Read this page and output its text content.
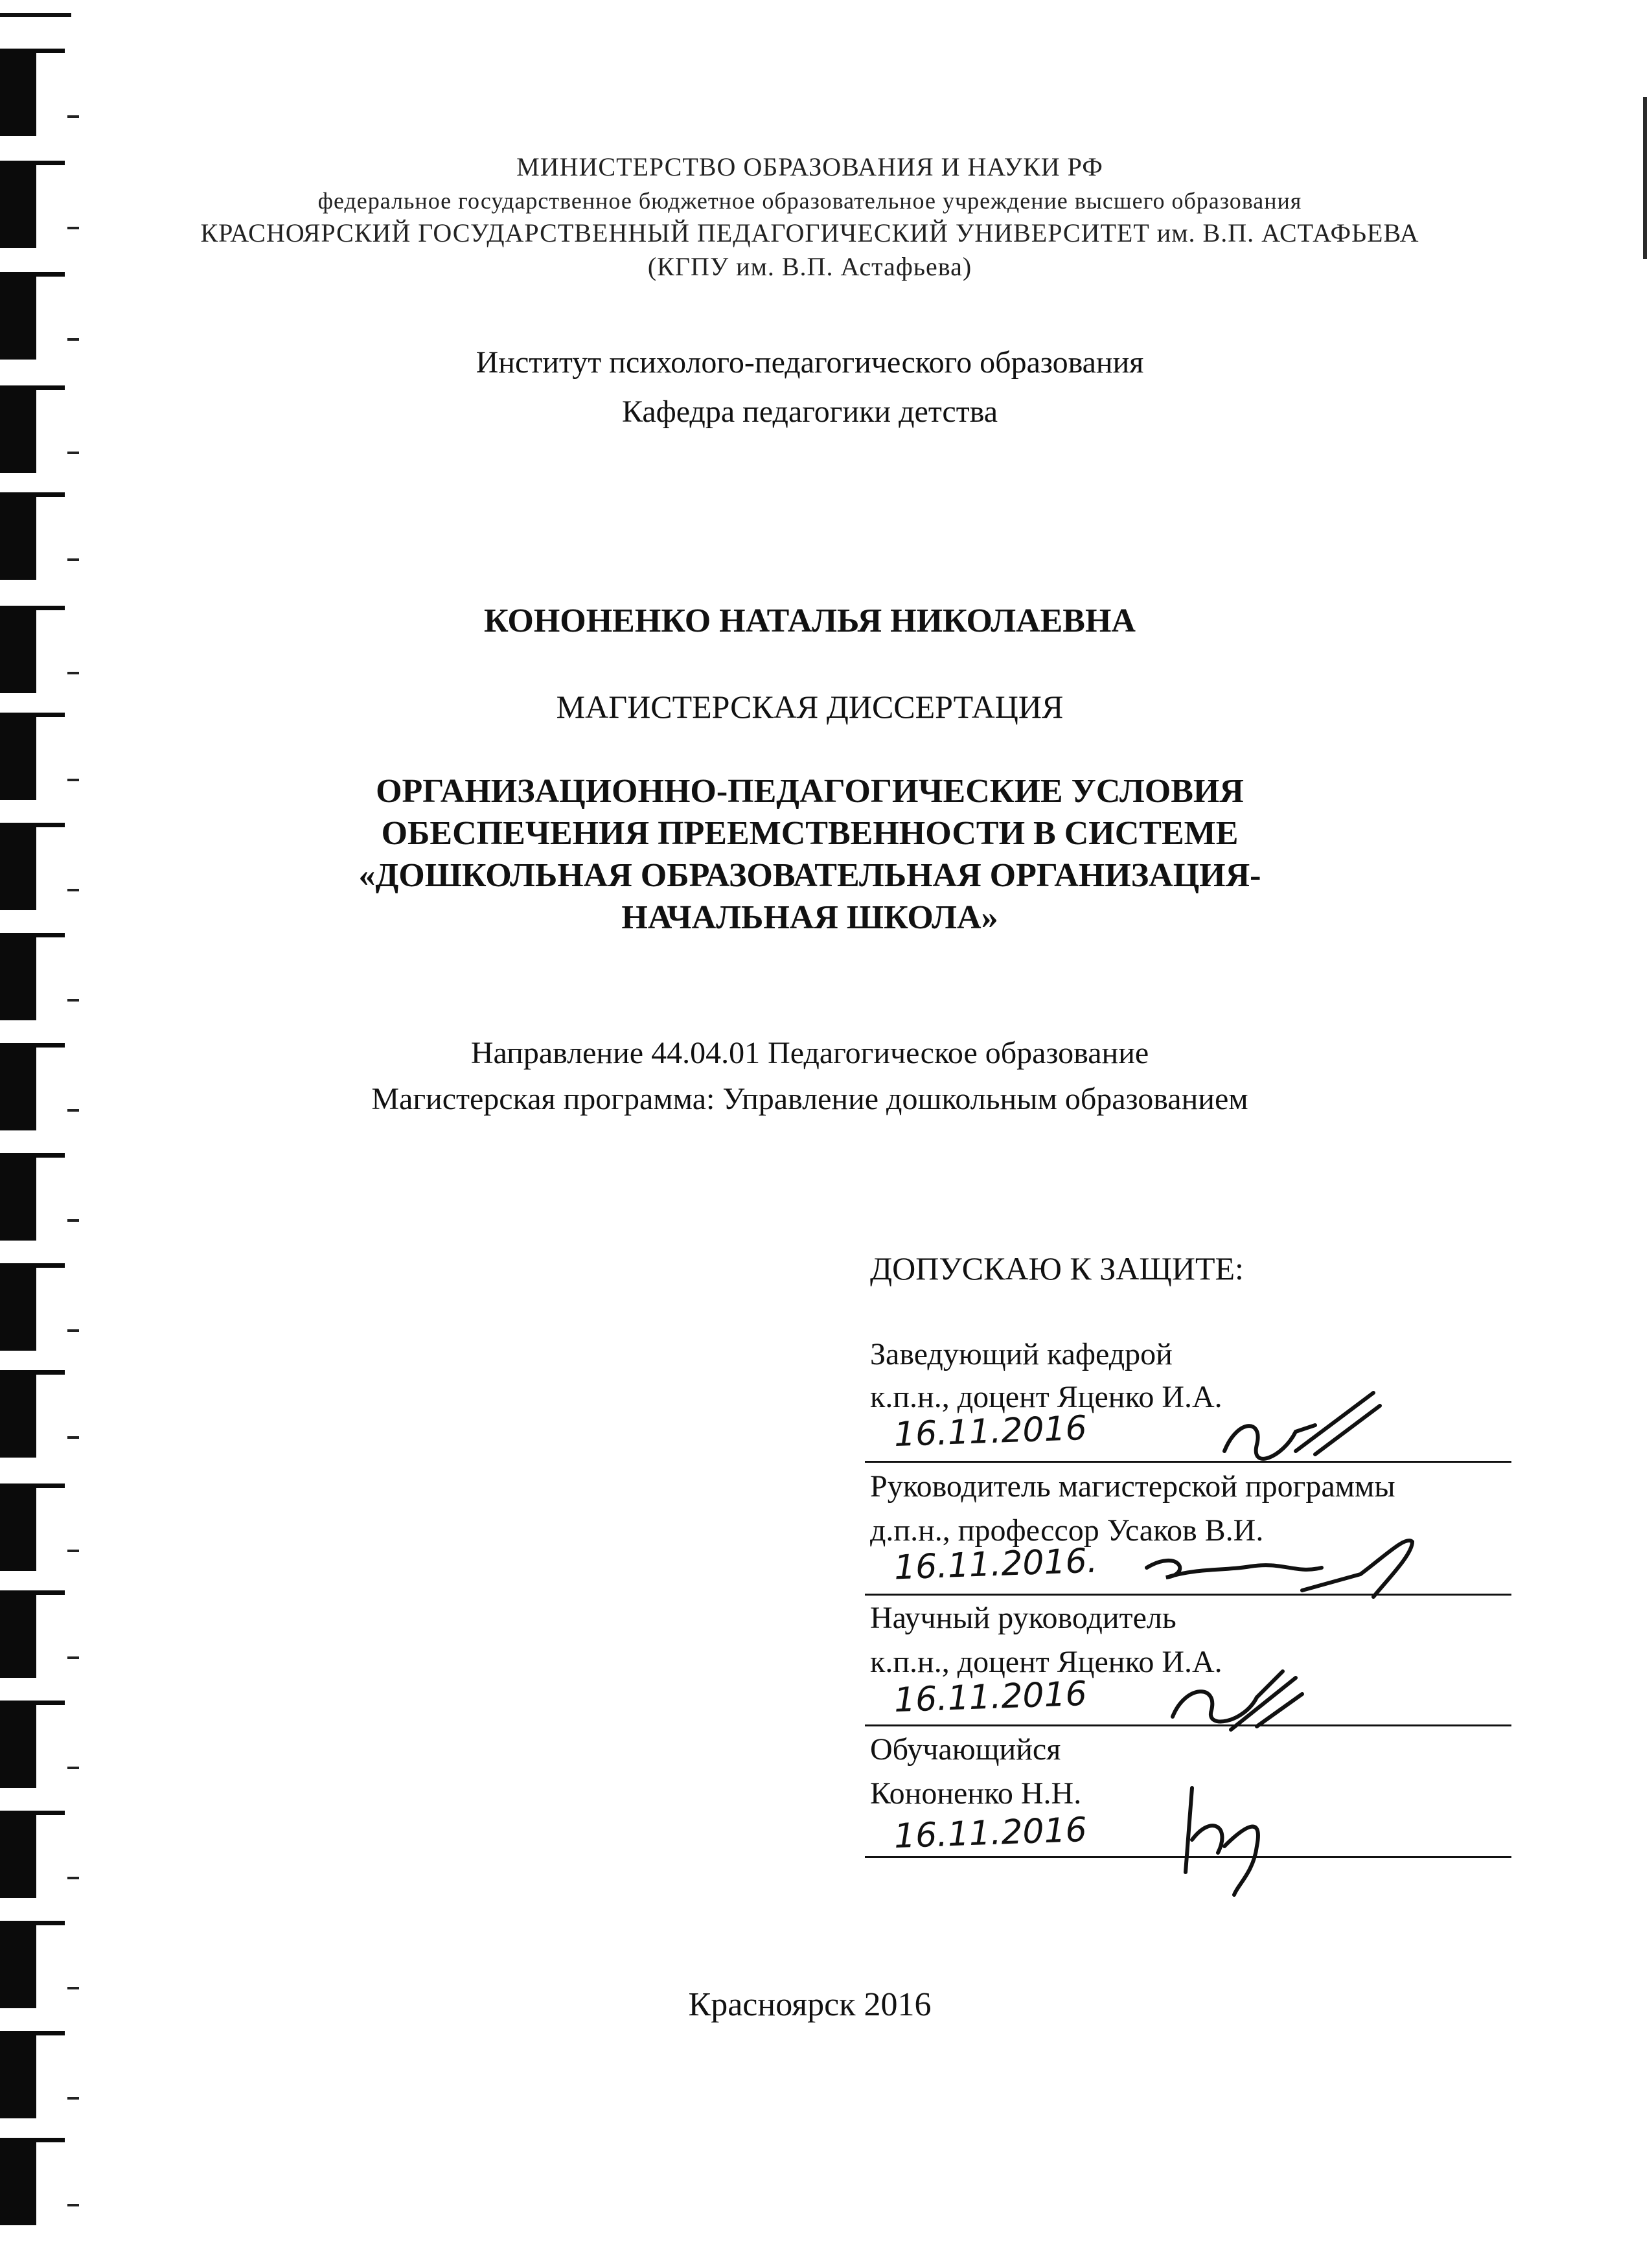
МИНИСТЕРСТВО ОБРАЗОВАНИЯ И НАУКИ РФ
федеральное государственное бюджетное образовательное учреждение высшего образования
КРАСНОЯРСКИЙ ГОСУДАРСТВЕННЫЙ ПЕДАГОГИЧЕСКИЙ УНИВЕРСИТЕТ им. В.П. АСТАФЬЕВА
(КГПУ им. В.П. Астафьева)
Институт психолого-педагогического образования
Кафедра педагогики детства
КОНОНЕНКО НАТАЛЬЯ НИКОЛАЕВНА
МАГИСТЕРСКАЯ ДИССЕРТАЦИЯ
ОРГАНИЗАЦИОННО-ПЕДАГОГИЧЕСКИЕ УСЛОВИЯ
ОБЕСПЕЧЕНИЯ ПРЕЕМСТВЕННОСТИ В СИСТЕМЕ
«ДОШКОЛЬНАЯ ОБРАЗОВАТЕЛЬНАЯ ОРГАНИЗАЦИЯ-
НАЧАЛЬНАЯ ШКОЛА»
Направление 44.04.01 Педагогическое образование
Магистерская программа: Управление дошкольным образованием
ДОПУСКАЮ К ЗАЩИТЕ:
Заведующий кафедрой
к.п.н., доцент Яценко И.А.
16.11.2016
Руководитель магистерской программы
д.п.н., профессор Усаков В.И.
16.11.2016.
Научный руководитель
к.п.н., доцент Яценко И.А.
16.11.2016
Обучающийся
Кононенко Н.Н.
16.11.2016
Красноярск 2016
